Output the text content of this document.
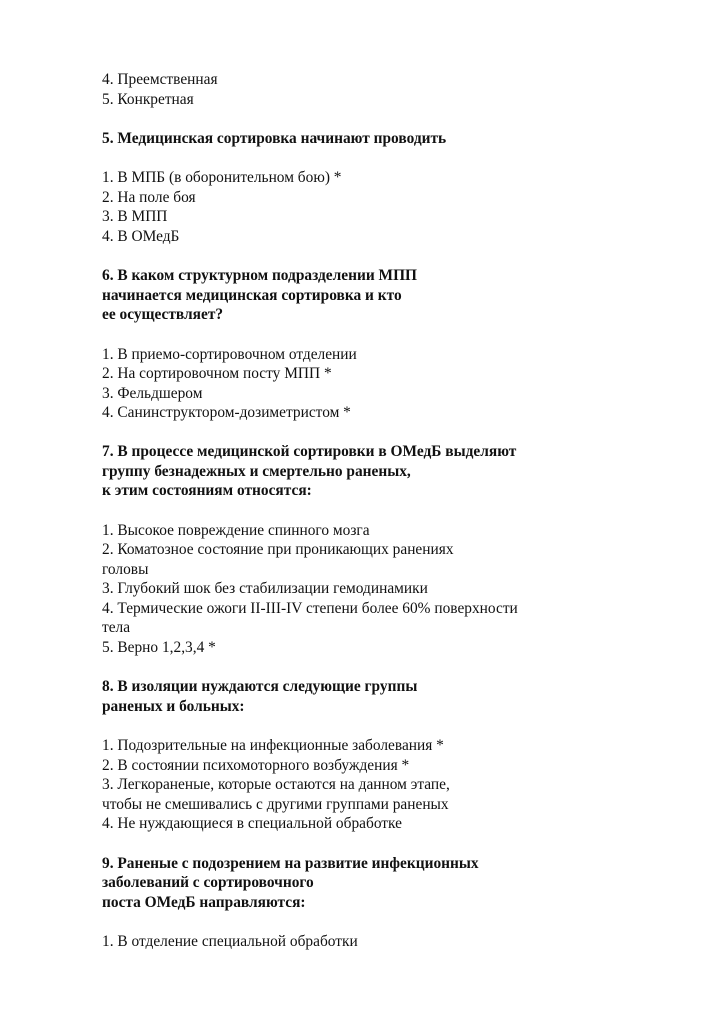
4. Преемственная
5. Конкретная
5. Медицинская сортировка начинают проводить
1. В МПБ (в оборонительном бою) *
2. На поле боя
3. В МПП
4. В ОМедБ
6. В каком структурном подразделении МПП
начинается медицинская сортировка и кто
ее осуществляет?
1. В приемо-сортировочном отделении
2. На сортировочном посту МПП *
3. Фельдшером
4. Санинструктором-дозиметристом *
7. В процессе медицинской сортировки в ОМедБ выделяют
группу безнадежных и смертельно раненых,
к этим состояниям относятся:
1. Высокое повреждение спинного мозга
2. Коматозное состояние при проникающих ранениях
головы
3. Глубокий шок без стабилизации гемодинамики
4. Термические ожоги II-III-IV степени более 60% поверхности
тела
5. Верно 1,2,3,4 *
8. В изоляции нуждаются следующие группы
раненых и больных:
1. Подозрительные на инфекционные заболевания *
2. В состоянии психомоторного возбуждения *
3. Легкораненые, которые остаются на данном этапе,
чтобы не смешивались с другими группами раненых
4. Не нуждающиеся в специальной обработке
9. Раненые с подозрением на развитие инфекционных
заболеваний с сортировочного
поста ОМедБ направляются:
1. В отделение специальной обработки
